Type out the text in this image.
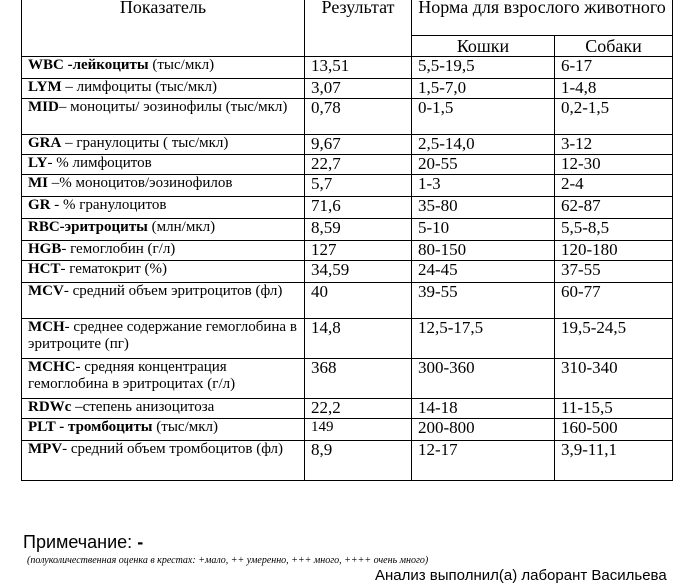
Показатель	Результат	Норма для взрослого животного	
		Кошки	Собаки
WBC -лейкоциты (тыс/мкл)	13,51	5,5-19,5	6-17
LYM – лимфоциты (тыс/мкл)	3,07	1,5-7,0	1-4,8
MID– моноциты/ эозинофилы (тыс/мкл)	0,78	0-1,5	0,2-1,5
GRA – гранулоциты ( тыс/мкл)	9,67	2,5-14,0	3-12
LY- % лимфоцитов	22,7	20-55	12-30
MI –% моноцитов/эозинофилов	5,7	1-3	2-4
GR - % гранулоцитов	71,6	35-80	62-87
RBC-эритроциты (млн/мкл)	8,59	5-10	5,5-8,5
HGB- гемоглобин (г/л)	127	80-150	120-180
HCT- гематокрит (%)	34,59	24-45	37-55
MCV- средний объем эритроцитов (фл)	40	39-55	60-77
MCH- среднее содержание гемоглобина в эритроците (пг)	14,8	12,5-17,5	19,5-24,5
MCHC- средняя концентрация гемоглобина в эритроцитах (г/л)	368	300-360	310-340
RDWc –степень анизоцитоза	22,2	14-18	11-15,5
PLT - тромбоциты (тыс/мкл)	149	200-800	160-500
MPV- средний объем тромбоцитов (фл)	8,9	12-17	3,9-11,1
Примечание: -
(полуколичественная оценка в крестах: +мало, ++ умеренно, +++ много, ++++ очень много)
Анализ выполнил(а) лаборант Васильева
